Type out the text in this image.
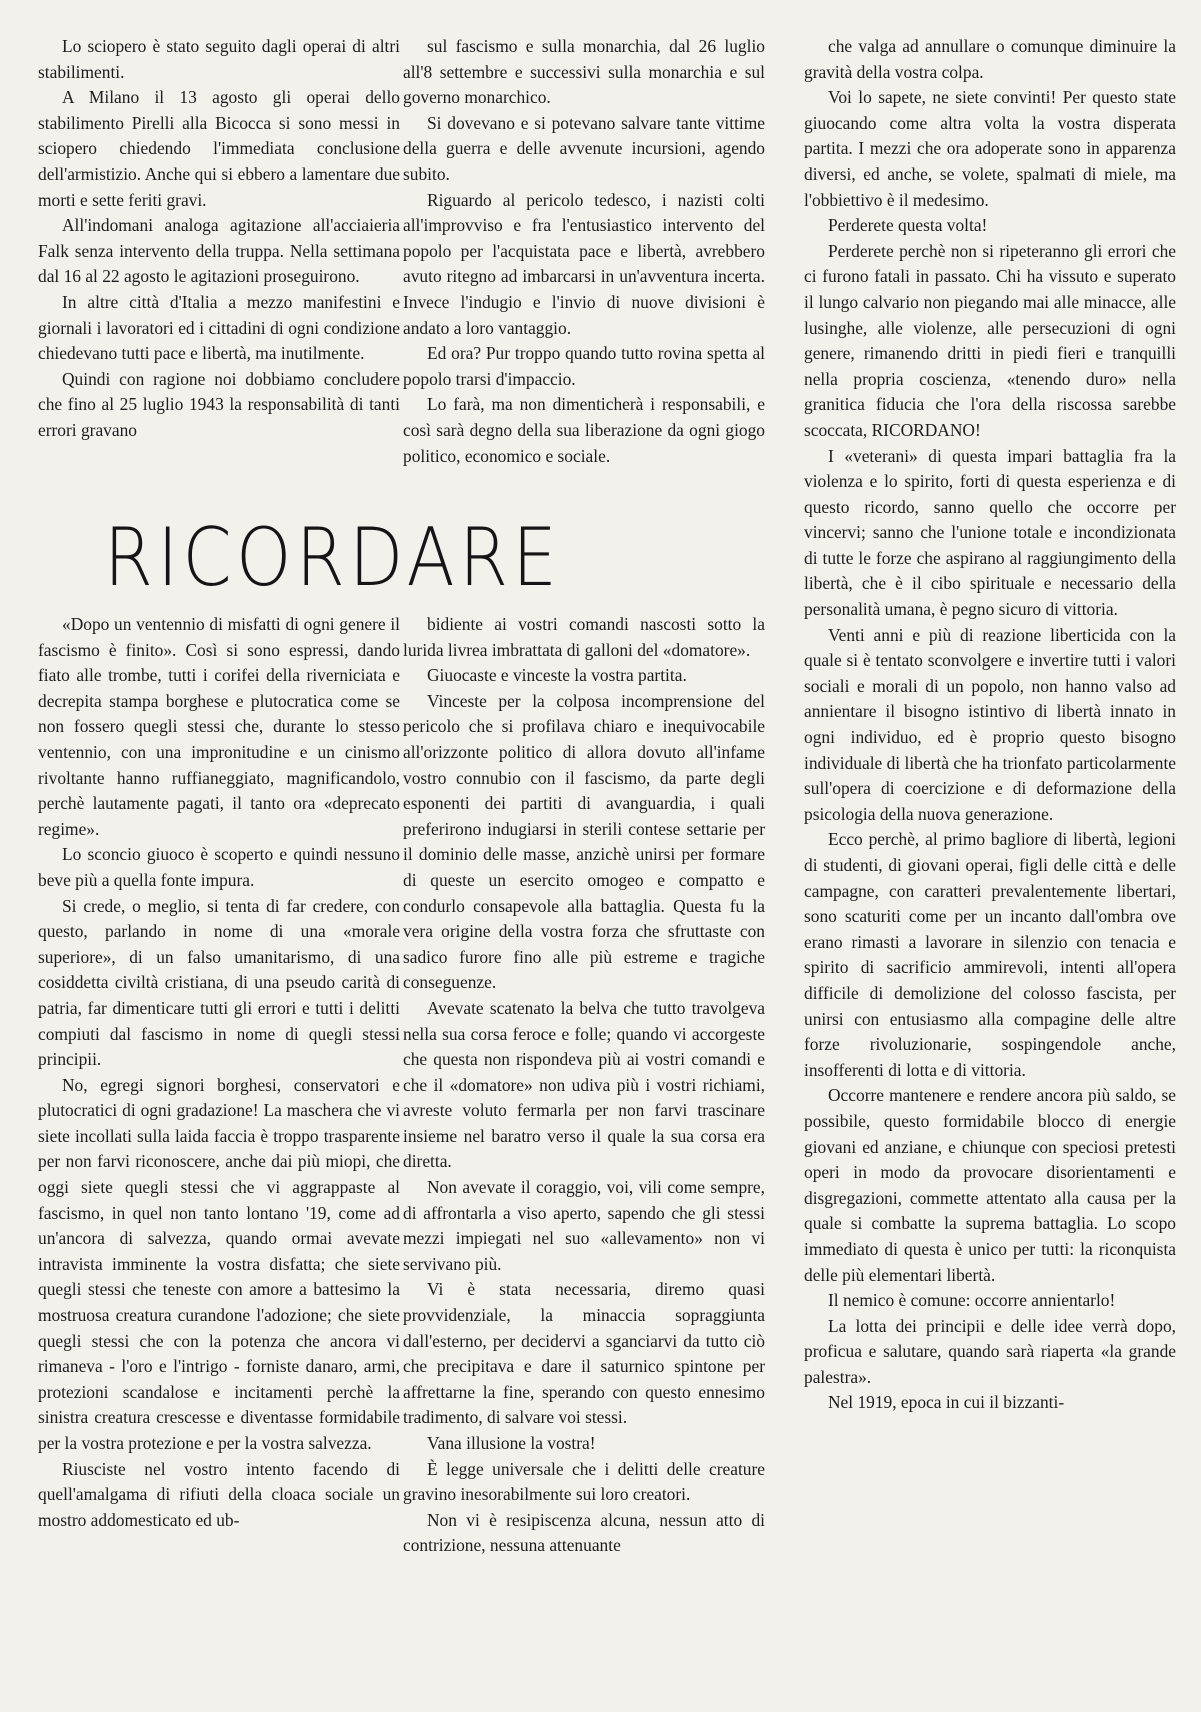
Lo sciopero è stato seguito dagli operai di altri stabilimenti.

A Milano il 13 agosto gli operai dello stabilimento Pirelli alla Bicocca si sono messi in sciopero chiedendo l'immediata conclusione dell'armistizio. Anche qui si ebbero a lamentare due morti e sette feriti gravi.

All'indomani analoga agitazione all'acciaieria Falk senza intervento della truppa. Nella settimana dal 16 al 22 agosto le agitazioni proseguirono.

In altre città d'Italia a mezzo manifestini e giornali i lavoratori ed i cittadini di ogni condizione chiedevano tutti pace e libertà, ma inutilmente.

Quindi con ragione noi dobbiamo concludere che fino al 25 luglio 1943 la responsabilità di tanti errori gravano

sul fascismo e sulla monarchia, dal 26 luglio all'8 settembre e successivi sulla monarchia e sul governo monarchico.

Si dovevano e si potevano salvare tante vittime della guerra e delle avvenute incursioni, agendo subito.

Riguardo al pericolo tedesco, i nazisti colti all'improvviso e fra l'entusiastico intervento del popolo per l'acquistata pace e libertà, avrebbero avuto ritegno ad imbarcarsi in un'avventura incerta. Invece l'indugio e l'invio di nuove divisioni è andato a loro vantaggio.

Ed ora? Pur troppo quando tutto rovina spetta al popolo trarsi d'impaccio.

Lo farà, ma non dimenticherà i responsabili, e così sarà degno della sua liberazione da ogni giogo politico, economico e sociale.

che valga ad annullare o comunque diminuire la gravità della vostra colpa.

Voi lo sapete, ne siete convinti! Per questo state giuocando come altra volta la vostra disperata partita. I mezzi che ora adoperate sono in apparenza diversi, ed anche, se volete, spalmati di miele, ma l'obbiettivo è il medesimo.

Perderete questa volta!

Perderete perchè non si ripeteranno gli errori che ci furono fatali in passato. Chi ha vissuto e superato il lungo calvario non piegando mai alle minacce, alle lusinghe, alle violenze, alle persecuzioni di ogni genere, rimanendo dritti in piedi fieri e tranquilli nella propria coscienza, «tenendo duro» nella granitica fiducia che l'ora della riscossa sarebbe scoccata, RICORDANO!

I «veterani» di questa impari battaglia fra la violenza e lo spirito, forti di questa esperienza e di questo ricordo, sanno quello che occorre per vincervi; sanno che l'unione totale e incondizionata di tutte le forze che aspirano al raggiungimento della libertà, che è il cibo spirituale e necessario della personalità umana, è pegno sicuro di vittoria.

Venti anni e più di reazione liberticida con la quale si è tentato sconvolgere e invertire tutti i valori sociali e morali di un popolo, non hanno valso ad annientare il bisogno istintivo di libertà innato in ogni individuo, ed è proprio questo bisogno individuale di libertà che ha trionfato particolarmente sull'opera di coercizione e di deformazione della psicologia della nuova generazione.

Ecco perchè, al primo bagliore di libertà, legioni di studenti, di giovani operai, figli delle città e delle campagne, con caratteri prevalentemente libertari, sono scaturiti come per un incanto dall'ombra ove erano rimasti a lavorare in silenzio con tenacia e spirito di sacrificio ammirevoli, intenti all'opera difficile di demolizione del colosso fascista, per unirsi con entusiasmo alla compagine delle altre forze rivoluzionarie, sospingendole anche, insofferenti di lotta e di vittoria.

Occorre mantenere e rendere ancora più saldo, se possibile, questo formidabile blocco di energie giovani ed anziane, e chiunque con speciosi pretesti operi in modo da provocare disorientamenti e disgregazioni, commette attentato alla causa per la quale si combatte la suprema battaglia. Lo scopo immediato di questa è unico per tutti: la riconquista delle più elementari libertà.

Il nemico è comune: occorre annientarlo!

La lotta dei principii e delle idee verrà dopo, proficua e salutare, quando sarà riaperta «la grande palestra».

Nel 1919, epoca in cui il bizzanti-

RICORDARE

«Dopo un ventennio di misfatti di ogni genere il fascismo è finito». Così si sono espressi, dando fiato alle trombe, tutti i corifei della riverniciata e decrepita stampa borghese e plutocratica come se non fossero quegli stessi che, durante lo stesso ventennio, con una impronitudine e un cinismo rivoltante hanno ruffianeggiato, magnificandolo, perchè lautamente pagati, il tanto ora «deprecato regime».

Lo sconcio giuoco è scoperto e quindi nessuno beve più a quella fonte impura.

Si crede, o meglio, si tenta di far credere, con questo, parlando in nome di una «morale superiore», di un falso umanitarismo, di una cosiddetta civiltà cristiana, di una pseudo carità di patria, far dimenticare tutti gli errori e tutti i delitti compiuti dal fascismo in nome di quegli stessi principii.

No, egregi signori borghesi, conservatori e plutocratici di ogni gradazione! La maschera che vi siete incollati sulla laida faccia è troppo trasparente per non farvi riconoscere, anche dai più miopi, che oggi siete quegli stessi che vi aggrappaste al fascismo, in quel non tanto lontano '19, come ad un'ancora di salvezza, quando ormai avevate intravista imminente la vostra disfatta; che siete quegli stessi che teneste con amore a battesimo la mostruosa creatura curandone l'adozione; che siete quegli stessi che con la potenza che ancora vi rimaneva - l'oro e l'intrigo - forniste danaro, armi, protezioni scandalose e incitamenti perchè la sinistra creatura crescesse e diventasse formidabile per la vostra protezione e per la vostra salvezza.

Riusciste nel vostro intento facendo di quell'amalgama di rifiuti della cloaca sociale un mostro addomesticato ed ub-

bidiente ai vostri comandi nascosti sotto la lurida livrea imbrattata di galloni del «domatore».

Giuocaste e vinceste la vostra partita.

Vinceste per la colposa incomprensione del pericolo che si profilava chiaro e inequivocabile all'orizzonte politico di allora dovuto all'infame vostro connubio con il fascismo, da parte degli esponenti dei partiti di avanguardia, i quali preferirono indugiarsi in sterili contese settarie per il dominio delle masse, anzichè unirsi per formare di queste un esercito omogeo e compatto e condurlo consapevole alla battaglia. Questa fu la vera origine della vostra forza che sfruttaste con sadico furore fino alle più estreme e tragiche conseguenze.

Avevate scatenato la belva che tutto travolgeva nella sua corsa feroce e folle; quando vi accorgeste che questa non rispondeva più ai vostri comandi e che il «domatore» non udiva più i vostri richiami, avreste voluto fermarla per non farvi trascinare insieme nel baratro verso il quale la sua corsa era diretta.

Non avevate il coraggio, voi, vili come sempre, di affrontarla a viso aperto, sapendo che gli stessi mezzi impiegati nel suo «allevamento» non vi servivano più.

Vi è stata necessaria, diremo quasi provvidenziale, la minaccia sopraggiunta dall'esterno, per decidervi a sganciarvi da tutto ciò che precipitava e dare il saturnico spintone per affrettarne la fine, sperando con questo ennesimo tradimento, di salvare voi stessi.

Vana illusione la vostra!

È legge universale che i delitti delle creature gravino inesorabilmente sui loro creatori.

Non vi è resipiscenza alcuna, nessun atto di contrizione, nessuna attenuante
